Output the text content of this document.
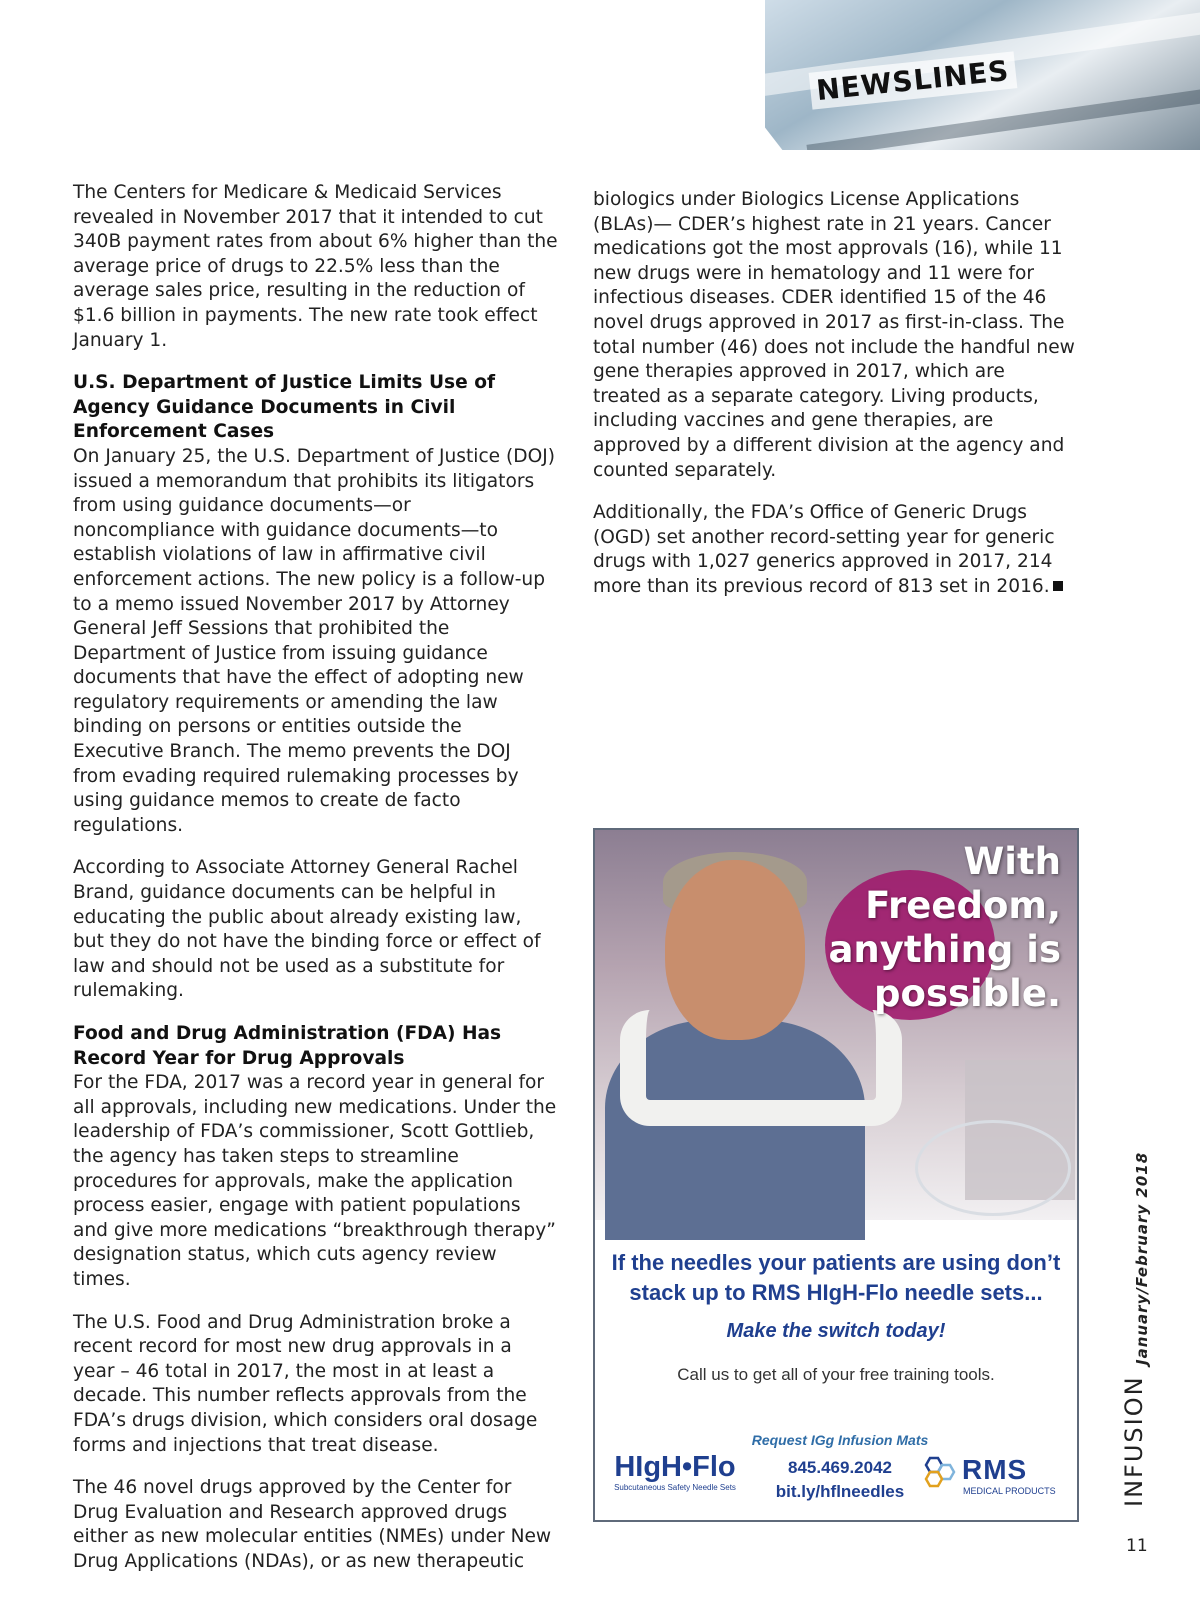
NEWSLINES

The Centers for Medicare & Medicaid Services revealed in November 2017 that it intended to cut 340B payment rates from about 6% higher than the average price of drugs to 22.5% less than the average sales price, resulting in the reduction of $1.6 billion in payments. The new rate took effect January 1.

U.S. Department of Justice Limits Use of Agency Guidance Documents in Civil Enforcement Cases

On January 25, the U.S. Department of Justice (DOJ) issued a memorandum that prohibits its litigators from using guidance documents—or noncompliance with guidance documents—to establish violations of law in affirmative civil enforcement actions. The new policy is a follow-up to a memo issued November 2017 by Attorney General Jeff Sessions that prohibited the Department of Justice from issuing guidance documents that have the effect of adopting new regulatory requirements or amending the law binding on persons or entities outside the Executive Branch. The memo prevents the DOJ from evading required rulemaking processes by using guidance memos to create de facto regulations.

According to Associate Attorney General Rachel Brand, guidance documents can be helpful in educating the public about already existing law, but they do not have the binding force or effect of law and should not be used as a substitute for rulemaking.

Food and Drug Administration (FDA) Has Record Year for Drug Approvals

For the FDA, 2017 was a record year in general for all approvals, including new medications. Under the leadership of FDA’s commissioner, Scott Gottlieb, the agency has taken steps to streamline procedures for approvals, make the application process easier, engage with patient populations and give more medications “breakthrough therapy” designation status, which cuts agency review times.

The U.S. Food and Drug Administration broke a recent record for most new drug approvals in a year – 46 total in 2017, the most in at least a decade. This number reflects approvals from the FDA’s drugs division, which considers oral dosage forms and injections that treat disease.

The 46 novel drugs approved by the Center for Drug Evaluation and Research approved drugs either as new molecular entities (NMEs) under New Drug Applications (NDAs), or as new therapeutic

biologics under Biologics License Applications (BLAs)— CDER’s highest rate in 21 years. Cancer medications got the most approvals (16), while 11 new drugs were in hematology and 11 were for infectious diseases. CDER identified 15 of the 46 novel drugs approved in 2017 as first-in-class. The total number (46) does not include the handful new gene therapies approved in 2017, which are treated as a separate category. Living products, including vaccines and gene therapies, are approved by a different division at the agency and counted separately.

Additionally, the FDA’s Office of Generic Drugs (OGD) set another record-setting year for generic drugs with 1,027 generics approved in 2017, 214 more than its previous record of 813 set in 2016.

With Freedom, anything is possible.
If the needles your patients are using don’t stack up to RMS HIgH-Flo needle sets...
Make the switch today!
Call us to get all of your free training tools.
Request IGg Infusion Mats
845.469.2042
bit.ly/hflneedles
HIgH•Flo
Subcutaneous Safety Needle Sets
RMS
MEDICAL PRODUCTS
January/February 2018
INFUSION
11
